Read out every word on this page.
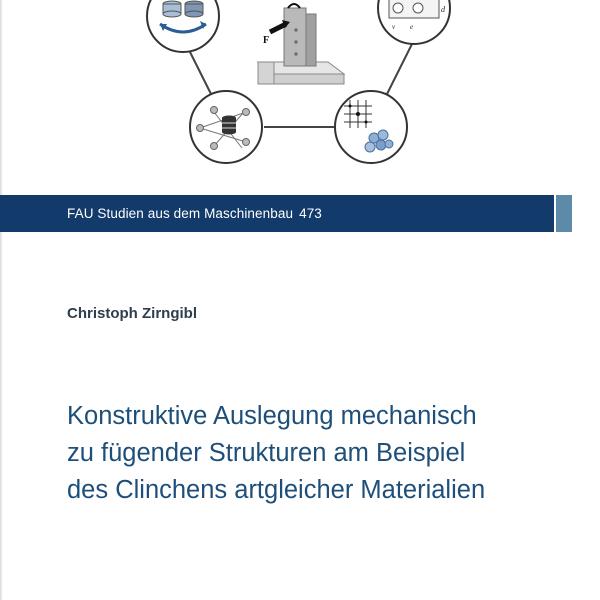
F
d
v e
FAU Studien aus dem Maschinenbau 473
Christoph Zirngibl
Konstruktive Auslegung mechanisch
zu fügender Strukturen am Beispiel
des Clinchens artgleicher Materialien
